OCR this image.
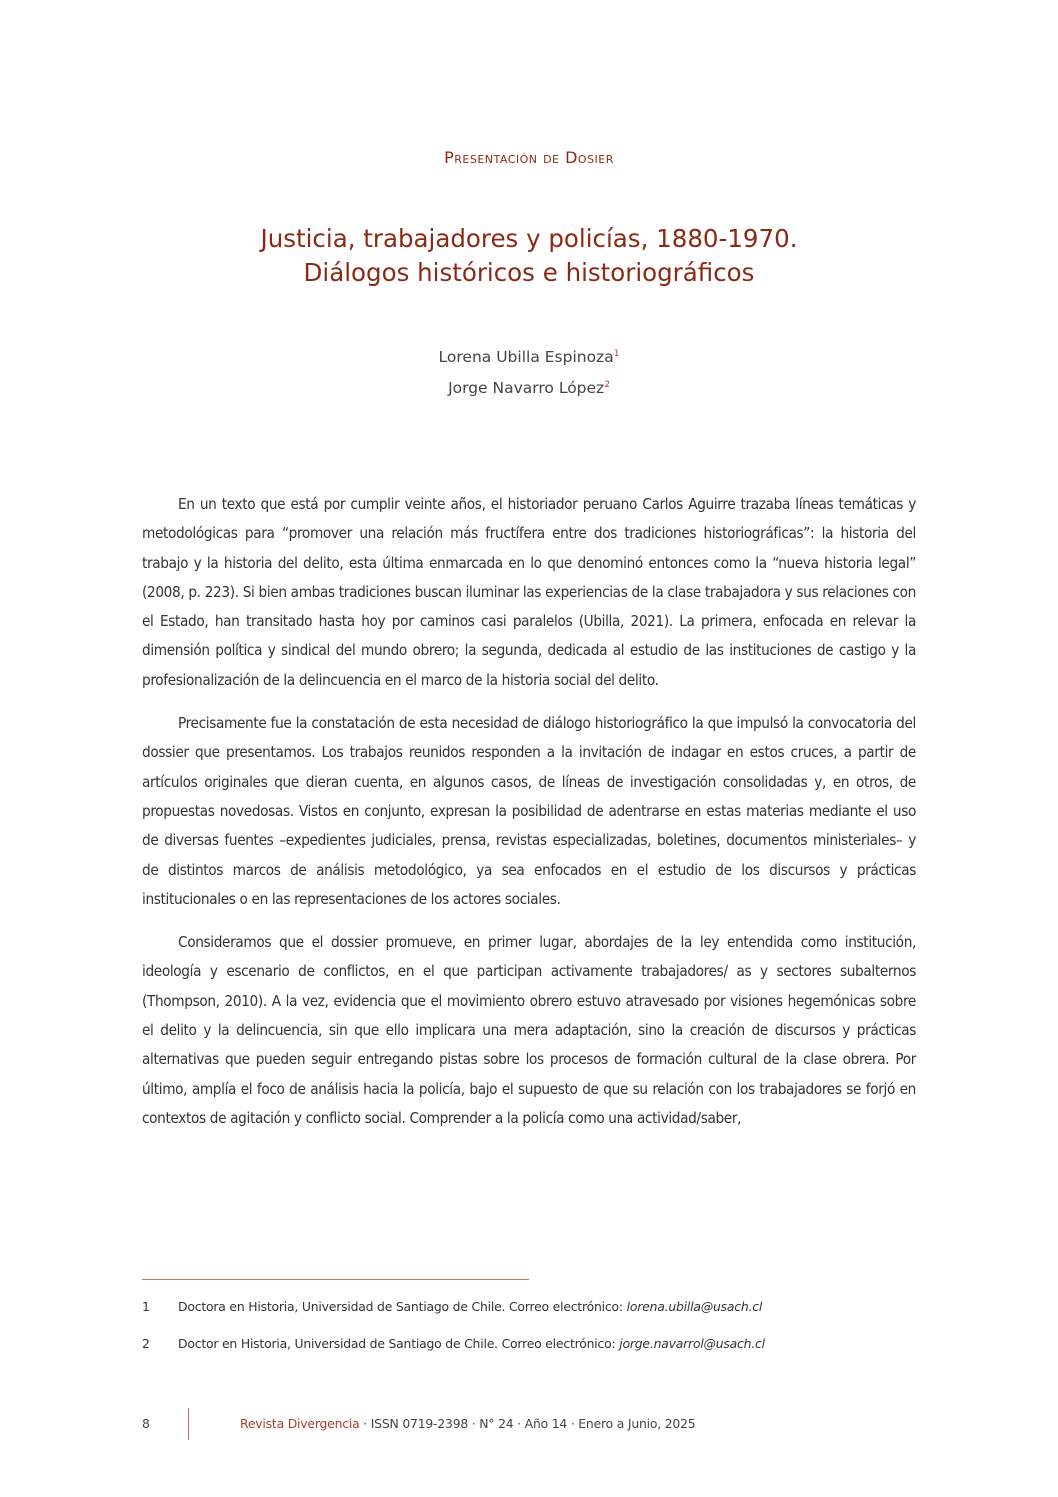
Presentación de Dosier
Justicia, trabajadores y policías, 1880-1970.
Diálogos históricos e historiográficos
Lorena Ubilla Espinoza$^1$
Jorge Navarro López$^2$

En un texto que está por cumplir veinte años, el historiador peruano Carlos Aguirre trazaba líneas temáticas y metodológicas para “promover una relación más fructífera entre dos tradiciones historiográficas”: la historia del trabajo y la historia del delito, esta última enmarcada en lo que denominó entonces como la “nueva historia legal” (2008, p. 223). Si bien ambas tradiciones buscan iluminar las experiencias de la clase trabajadora y sus relaciones con el Estado, han transitado hasta hoy por caminos casi paralelos (Ubilla, 2021). La primera, enfocada en relevar la dimensión política y sindical del mundo obrero; la segunda, dedicada al estudio de las instituciones de castigo y la profesionalización de la delincuencia en el marco de la historia social del delito.

Precisamente fue la constatación de esta necesidad de diálogo historiográfico la que impulsó la convocatoria del dossier que presentamos. Los trabajos reunidos responden a la invitación de indagar en estos cruces, a partir de artículos originales que dieran cuenta, en algunos casos, de líneas de investigación consolidadas y, en otros, de propuestas novedosas. Vistos en conjunto, expresan la posibilidad de adentrarse en estas materias mediante el uso de diversas fuentes –expedientes judiciales, prensa, revistas especializadas, boletines, documentos ministeriales– y de distintos marcos de análisis metodológico, ya sea enfocados en el estudio de los discursos y prácticas institucionales o en las representaciones de los actores sociales.

Consideramos que el dossier promueve, en primer lugar, abordajes de la ley entendida como institución, ideología y escenario de conflictos, en el que participan activamente trabajadores/ as y sectores subalternos (Thompson, 2010). A la vez, evidencia que el movimiento obrero estuvo atravesado por visiones hegemónicas sobre el delito y la delincuencia, sin que ello implicara una mera adaptación, sino la creación de discursos y prácticas alternativas que pueden seguir entregando pistas sobre los procesos de formación cultural de la clase obrera. Por último, amplía el foco de análisis hacia la policía, bajo el supuesto de que su relación con los trabajadores se forjó en contextos de agitación y conflicto social. Comprender a la policía como una actividad/saber,

1 Doctora en Historia, Universidad de Santiago de Chile. Correo electrónico: lorena.ubilla@usach.cl
2 Doctor en Historia, Universidad de Santiago de Chile. Correo electrónico: jorge.navarrol@usach.cl
8	Revista Divergencia · ISSN 0719-2398 · N° 24 · Año 14 · Enero a Junio, 2025
